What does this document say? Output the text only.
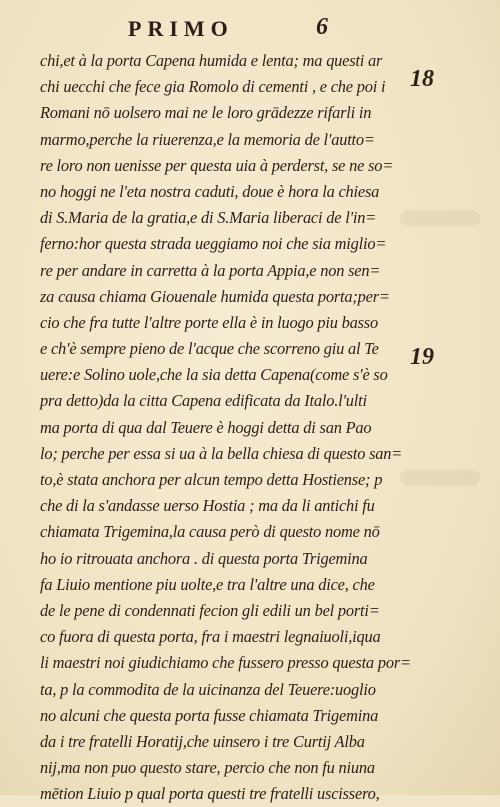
PRIMO	6
chi,et à la porta Capena humida e lenta; ma questi ar
chi uecchi che fece gia Romolo di cementi , e che poi i
Romani nō uolsero mai ne le loro grādezze rifarli in
marmo,perche la riuerenza,e la memoria de l'autto=
re loro non uenisse per questa uia à perderst, se ne so=
no hoggi ne l'eta nostra caduti, doue è hora la chiesa
di S.Maria de la gratia,e di S.Maria liberaci de l'in=
ferno:hor questa strada ueggiamo noi che sia miglio=
re per andare in carretta à la porta Appia,e non sen=
za causa chiama Giouenale humida questa porta;per=
cio che fra tutte l'altre porte ella è in luogo piu basso
e ch'è sempre pieno de l'acque che scorreno giu al Te
uere:e Solino uole,che la sia detta Capena(come s'è so
pra detto)da la citta Capena edificata da Italo.l'ulti
ma porta di qua dal Teuere è hoggi detta di san Pao
lo; perche per essa si ua à la bella chiesa di questo san=
to,è stata anchora per alcun tempo detta Hostiense; p
che di la s'andasse uerso Hostia ; ma da li antichi fu
chiamata Trigemina,la causa però di questo nome nō
ho io ritrouata anchora . di questa porta Trigemina
fa Liuio mentione piu uolte,e tra l'altre una dice, che
de le pene di condennati fecion gli edili un bel porti=
co fuora di questa porta, fra i maestri legnaiuoli,iqua
li maestri noi giudichiamo che fussero presso questa por=
ta, p la commodita de la uicinanza del Teuere:uoglio
no alcuni che questa porta fusse chiamata Trigemina
da i tre fratelli Horatij,che uinsero i tre Curtij Alba
nij,ma non puo questo stare, percio che non fu niuna
mētion Liuio p qual porta questi tre fratelli uscissero,
18
19
